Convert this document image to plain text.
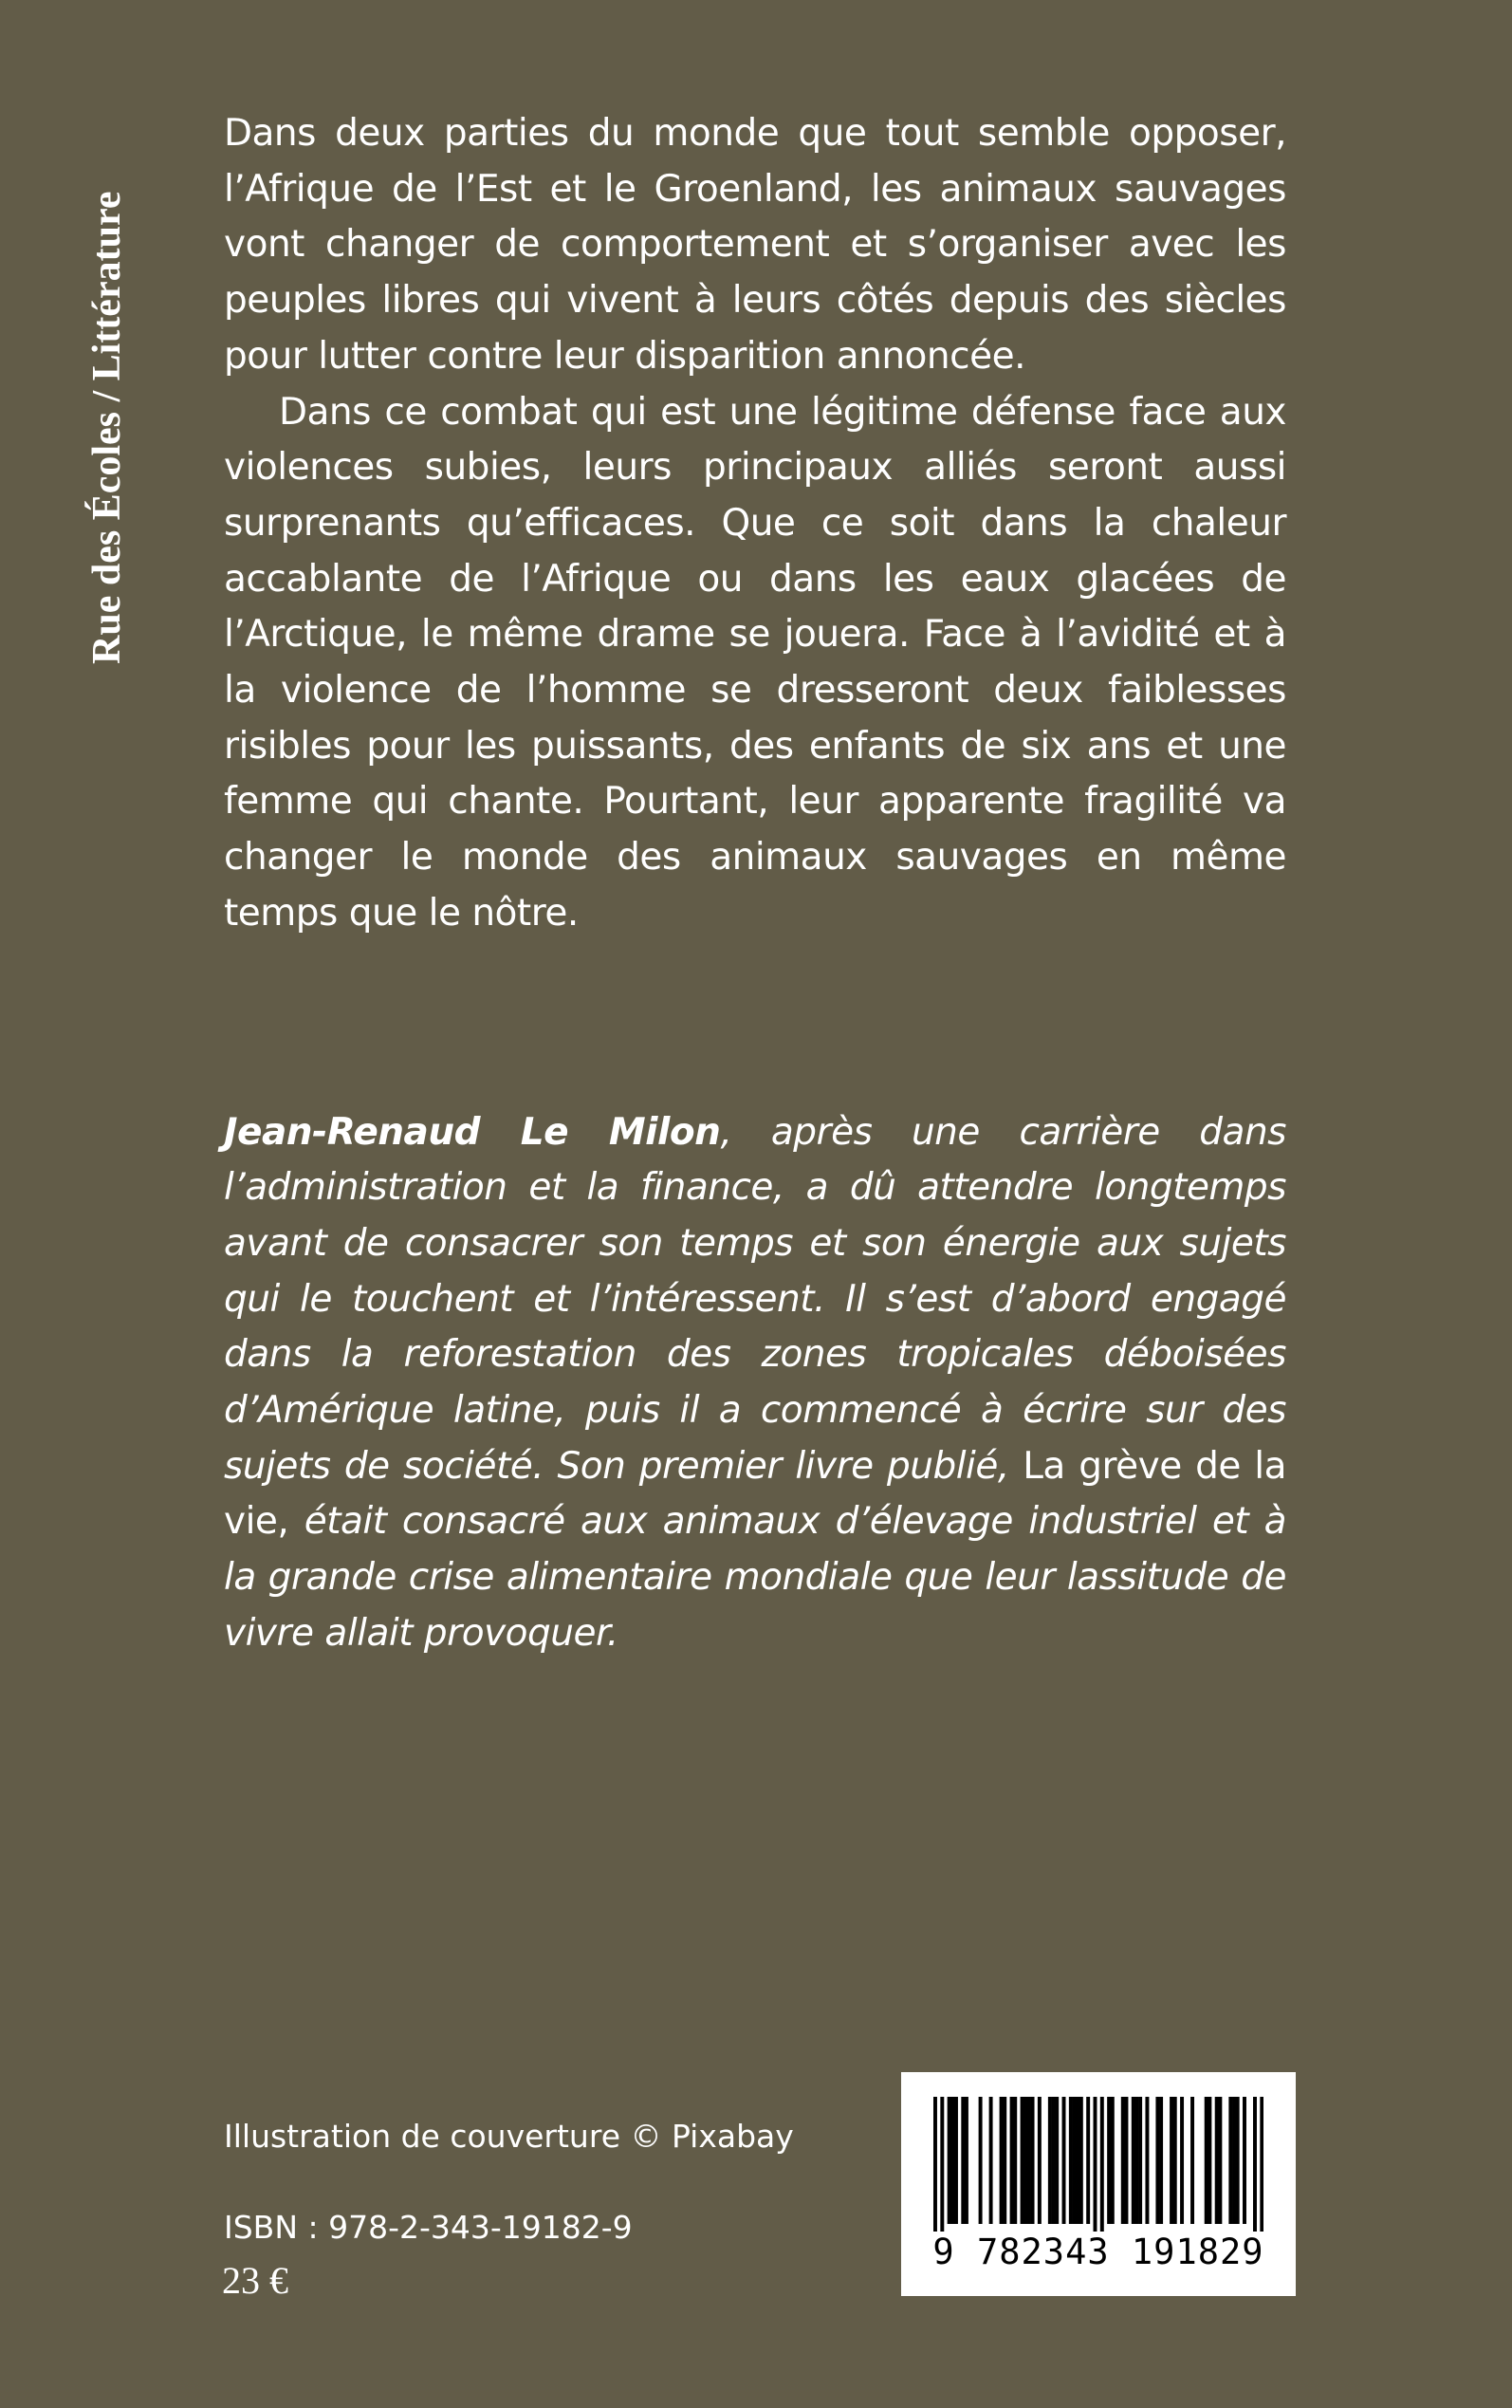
Rue des Écoles / Littérature

Dans deux parties du monde que tout semble opposer, l’Afrique de l’Est et le Groenland, les animaux sauvages vont changer de comportement et s’organiser avec les peuples libres qui vivent à leurs côtés depuis des siècles pour lutter contre leur disparition annoncée.

Dans ce combat qui est une légitime défense face aux violences subies, leurs principaux alliés seront aussi surprenants qu’efficaces. Que ce soit dans la chaleur accablante de l’Afrique ou dans les eaux glacées de l’Arctique, le même drame se jouera. Face à l’avidité et à la violence de l’homme se dresseront deux faiblesses risibles pour les puissants, des enfants de six ans et une femme qui chante. Pourtant, leur apparente fragilité va changer le monde des animaux sauvages en même temps que le nôtre.

Jean-Renaud Le Milon, après une carrière dans l’administration et la finance, a dû attendre longtemps avant de consacrer son temps et son énergie aux sujets qui le touchent et l’intéressent. Il s’est d’abord engagé dans la reforestation des zones tropicales déboisées d’Amérique latine, puis il a commencé à écrire sur des sujets de société. Son premier livre publié, La grève de la vie, était consacré aux animaux d’élevage industriel et à la grande crise alimentaire mondiale que leur lassitude de vivre allait provoquer.

Illustration de couverture © Pixabay
ISBN : 978-2-343-19182-9
23 €
9 782343 191829
